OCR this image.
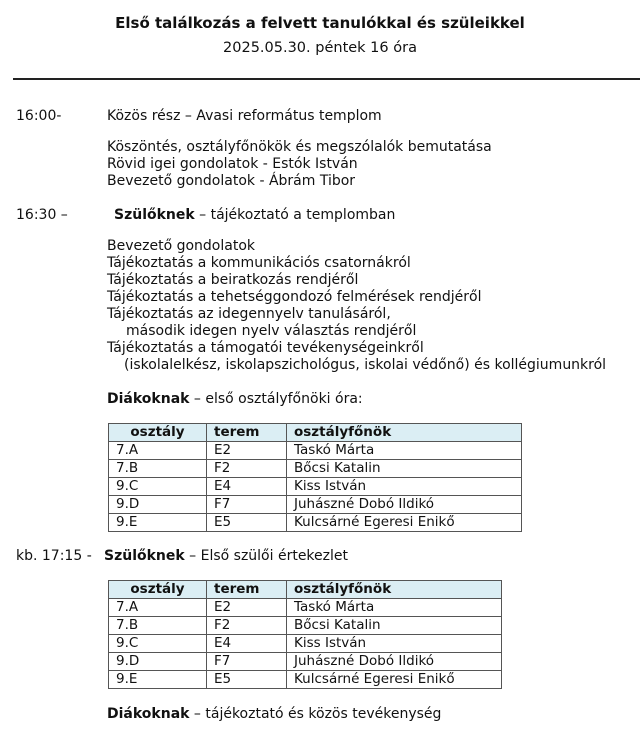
Első találkozás a felvett tanulókkal és szüleikkel
2025.05.30. péntek 16 óra
16:00-	Közös rész – Avasi református templom
Köszöntés, osztályfőnökök és megszólalók bemutatása
Rövid igei gondolatok - Estók István
Bevezető gondolatok - Ábrám Tibor
16:30 –	Szülőknek – tájékoztató a templomban
Bevezető gondolatok
Tájékoztatás a kommunikációs csatornákról
Tájékoztatás a beiratkozás rendjéről
Tájékoztatás a tehetséggondozó felmérések rendjéről
Tájékoztatás az idegennyelv tanulásáról,
második idegen nyelv választás rendjéről
Tájékoztatás a támogatói tevékenységeinkről
(iskolalelkész, iskolapszichológus, iskolai védőnő) és kollégiumunkról
Diákoknak – első osztályfőnöki óra:
osztály	terem	osztályfőnök
7.A	E2	Taskó Márta
7.B	F2	Bőcsi Katalin
9.C	E4	Kiss István
9.D	F7	Juhászné Dobó Ildikó
9.E	E5	Kulcsárné Egeresi Enikő
kb. 17:15 - Szülőknek – Első szülői értekezlet
osztály	terem	osztályfőnök
7.A	E2	Taskó Márta
7.B	F2	Bőcsi Katalin
9.C	E4	Kiss István
9.D	F7	Juhászné Dobó Ildikó
9.E	E5	Kulcsárné Egeresi Enikő
Diákoknak – tájékoztató és közös tevékenység
